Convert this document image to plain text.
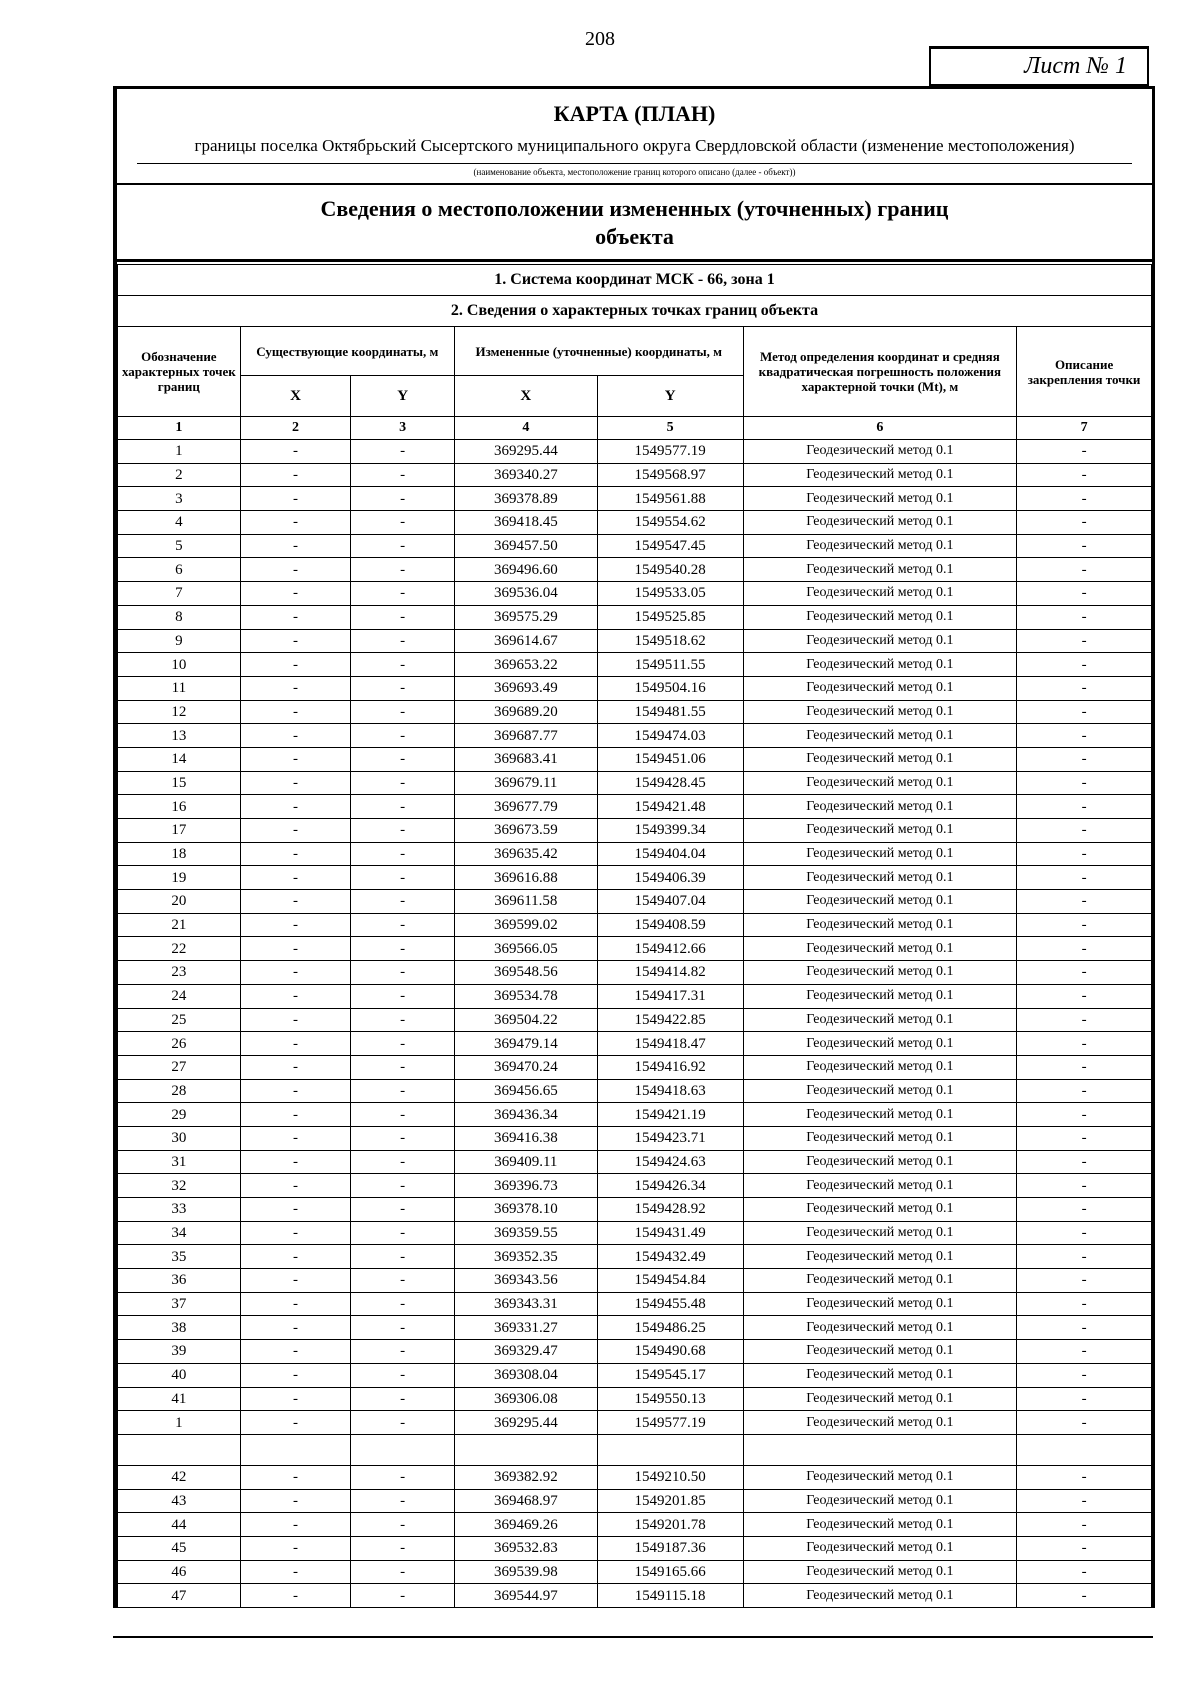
208
Лист № 1
КАРТА (ПЛАН)
границы поселка Октябрьский Сысертского муниципального округа Свердловской области (изменение местоположения)
(наименование объекта, местоположение границ которого описано (далее - объект))
Сведения о местоположении измененных (уточненных) границ
объекта
1. Система координат МСК - 66, зона 1						
2. Сведения о характерных точках границ объекта						
Обозначение характерных точек границ	Существующие координаты, м		Измененные (уточненные) координаты, м		Метод определения координат и средняя квадратическая погрешность положения характерной точки (Mt), м	Описание закрепления точки
	X	Y	X	Y		
1	2	3	4	5	6	7
1	-	-	369295.44	1549577.19	Геодезический метод 0.1	-
2	-	-	369340.27	1549568.97	Геодезический метод 0.1	-
3	-	-	369378.89	1549561.88	Геодезический метод 0.1	-
4	-	-	369418.45	1549554.62	Геодезический метод 0.1	-
5	-	-	369457.50	1549547.45	Геодезический метод 0.1	-
6	-	-	369496.60	1549540.28	Геодезический метод 0.1	-
7	-	-	369536.04	1549533.05	Геодезический метод 0.1	-
8	-	-	369575.29	1549525.85	Геодезический метод 0.1	-
9	-	-	369614.67	1549518.62	Геодезический метод 0.1	-
10	-	-	369653.22	1549511.55	Геодезический метод 0.1	-
11	-	-	369693.49	1549504.16	Геодезический метод 0.1	-
12	-	-	369689.20	1549481.55	Геодезический метод 0.1	-
13	-	-	369687.77	1549474.03	Геодезический метод 0.1	-
14	-	-	369683.41	1549451.06	Геодезический метод 0.1	-
15	-	-	369679.11	1549428.45	Геодезический метод 0.1	-
16	-	-	369677.79	1549421.48	Геодезический метод 0.1	-
17	-	-	369673.59	1549399.34	Геодезический метод 0.1	-
18	-	-	369635.42	1549404.04	Геодезический метод 0.1	-
19	-	-	369616.88	1549406.39	Геодезический метод 0.1	-
20	-	-	369611.58	1549407.04	Геодезический метод 0.1	-
21	-	-	369599.02	1549408.59	Геодезический метод 0.1	-
22	-	-	369566.05	1549412.66	Геодезический метод 0.1	-
23	-	-	369548.56	1549414.82	Геодезический метод 0.1	-
24	-	-	369534.78	1549417.31	Геодезический метод 0.1	-
25	-	-	369504.22	1549422.85	Геодезический метод 0.1	-
26	-	-	369479.14	1549418.47	Геодезический метод 0.1	-
27	-	-	369470.24	1549416.92	Геодезический метод 0.1	-
28	-	-	369456.65	1549418.63	Геодезический метод 0.1	-
29	-	-	369436.34	1549421.19	Геодезический метод 0.1	-
30	-	-	369416.38	1549423.71	Геодезический метод 0.1	-
31	-	-	369409.11	1549424.63	Геодезический метод 0.1	-
32	-	-	369396.73	1549426.34	Геодезический метод 0.1	-
33	-	-	369378.10	1549428.92	Геодезический метод 0.1	-
34	-	-	369359.55	1549431.49	Геодезический метод 0.1	-
35	-	-	369352.35	1549432.49	Геодезический метод 0.1	-
36	-	-	369343.56	1549454.84	Геодезический метод 0.1	-
37	-	-	369343.31	1549455.48	Геодезический метод 0.1	-
38	-	-	369331.27	1549486.25	Геодезический метод 0.1	-
39	-	-	369329.47	1549490.68	Геодезический метод 0.1	-
40	-	-	369308.04	1549545.17	Геодезический метод 0.1	-
41	-	-	369306.08	1549550.13	Геодезический метод 0.1	-
1	-	-	369295.44	1549577.19	Геодезический метод 0.1	-

42	-	-	369382.92	1549210.50	Геодезический метод 0.1	-
43	-	-	369468.97	1549201.85	Геодезический метод 0.1	-
44	-	-	369469.26	1549201.78	Геодезический метод 0.1	-
45	-	-	369532.83	1549187.36	Геодезический метод 0.1	-
46	-	-	369539.98	1549165.66	Геодезический метод 0.1	-
47	-	-	369544.97	1549115.18	Геодезический метод 0.1	-
